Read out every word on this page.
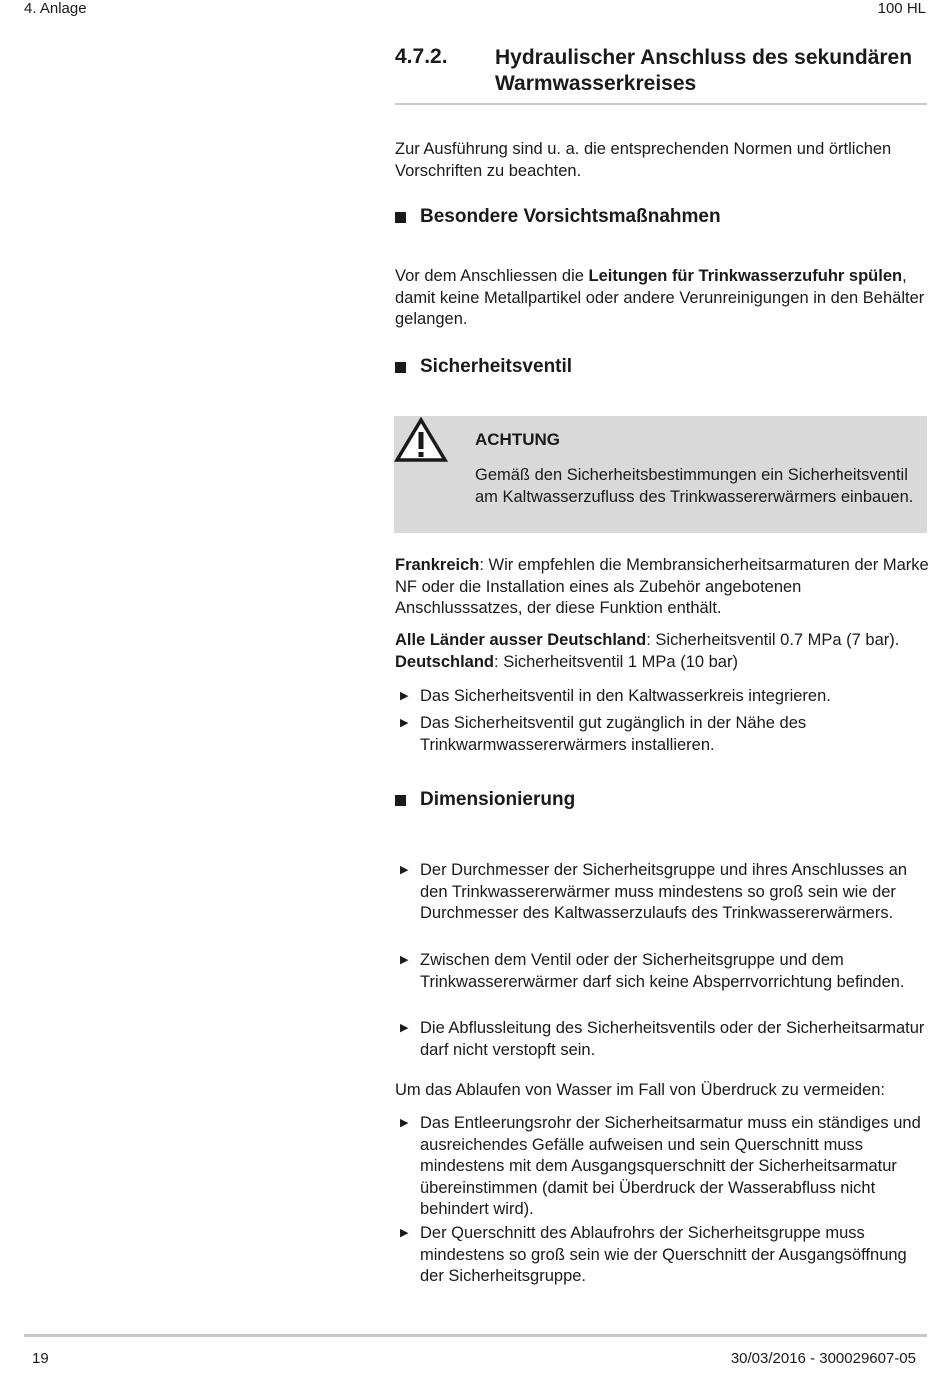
4. Anlage	100 HL
4.7.2. Hydraulischer Anschluss des sekundären Warmwasserkreises
Zur Ausführung sind u. a. die entsprechenden Normen und örtlichen Vorschriften zu beachten.
Besondere Vorsichtsmaßnahmen
Vor dem Anschliessen die Leitungen für Trinkwasserzufuhr spülen, damit keine Metallpartikel oder andere Verunreinigungen in den Behälter gelangen.
Sicherheitsventil
ACHTUNG
Gemäß den Sicherheitsbestimmungen ein Sicherheitsventil am Kaltwasserzufluss des Trinkwassererwärmers einbauen.
Frankreich: Wir empfehlen die Membransicherheitsarmaturen der Marke NF oder die Installation eines als Zubehör angebotenen Anschlusssatzes, der diese Funktion enthält.
Alle Länder ausser Deutschland: Sicherheitsventil 0.7 MPa (7 bar).
Deutschland: Sicherheitsventil 1 MPa (10 bar)
▶ Das Sicherheitsventil in den Kaltwasserkreis integrieren.
▶ Das Sicherheitsventil gut zugänglich in der Nähe des Trinkwarmwassererwärmers installieren.
Dimensionierung
▶ Der Durchmesser der Sicherheitsgruppe und ihres Anschlusses an den Trinkwassererwärmer muss mindestens so groß sein wie der Durchmesser des Kaltwasserzulaufs des Trinkwassererwärmers.
▶ Zwischen dem Ventil oder der Sicherheitsgruppe und dem Trinkwassererwärmer darf sich keine Absperrvorrichtung befinden.
▶ Die Abflussleitung des Sicherheitsventils oder der Sicherheitsarmatur darf nicht verstopft sein.
Um das Ablaufen von Wasser im Fall von Überdruck zu vermeiden:
▶ Das Entleerungsrohr der Sicherheitsarmatur muss ein ständiges und ausreichendes Gefälle aufweisen und sein Querschnitt muss mindestens mit dem Ausgangsquerschnitt der Sicherheitsarmatur übereinstimmen (damit bei Überdruck der Wasserabfluss nicht behindert wird).
▶ Der Querschnitt des Ablaufrohrs der Sicherheitsgruppe muss mindestens so groß sein wie der Querschnitt der Ausgangsöffnung der Sicherheitsgruppe.
19	30/03/2016 - 300029607-05
